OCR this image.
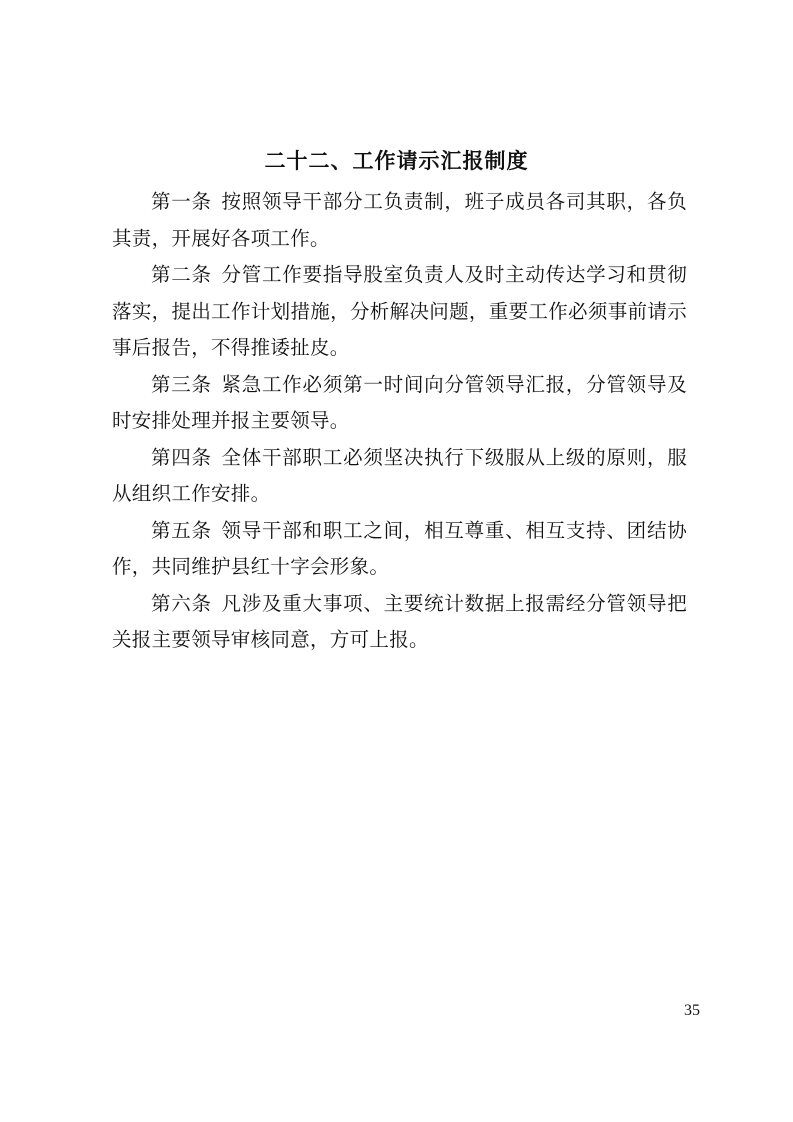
二十二、工作请示汇报制度

第一条 按照领导干部分工负责制，班子成员各司其职，各负其责，开展好各项工作。

第二条 分管工作要指导股室负责人及时主动传达学习和贯彻落实，提出工作计划措施，分析解决问题，重要工作必须事前请示事后报告，不得推诿扯皮。

第三条 紧急工作必须第一时间向分管领导汇报，分管领导及时安排处理并报主要领导。

第四条 全体干部职工必须坚决执行下级服从上级的原则，服从组织工作安排。

第五条 领导干部和职工之间，相互尊重、相互支持、团结协作，共同维护县红十字会形象。

第六条 凡涉及重大事项、主要统计数据上报需经分管领导把关报主要领导审核同意，方可上报。

35
